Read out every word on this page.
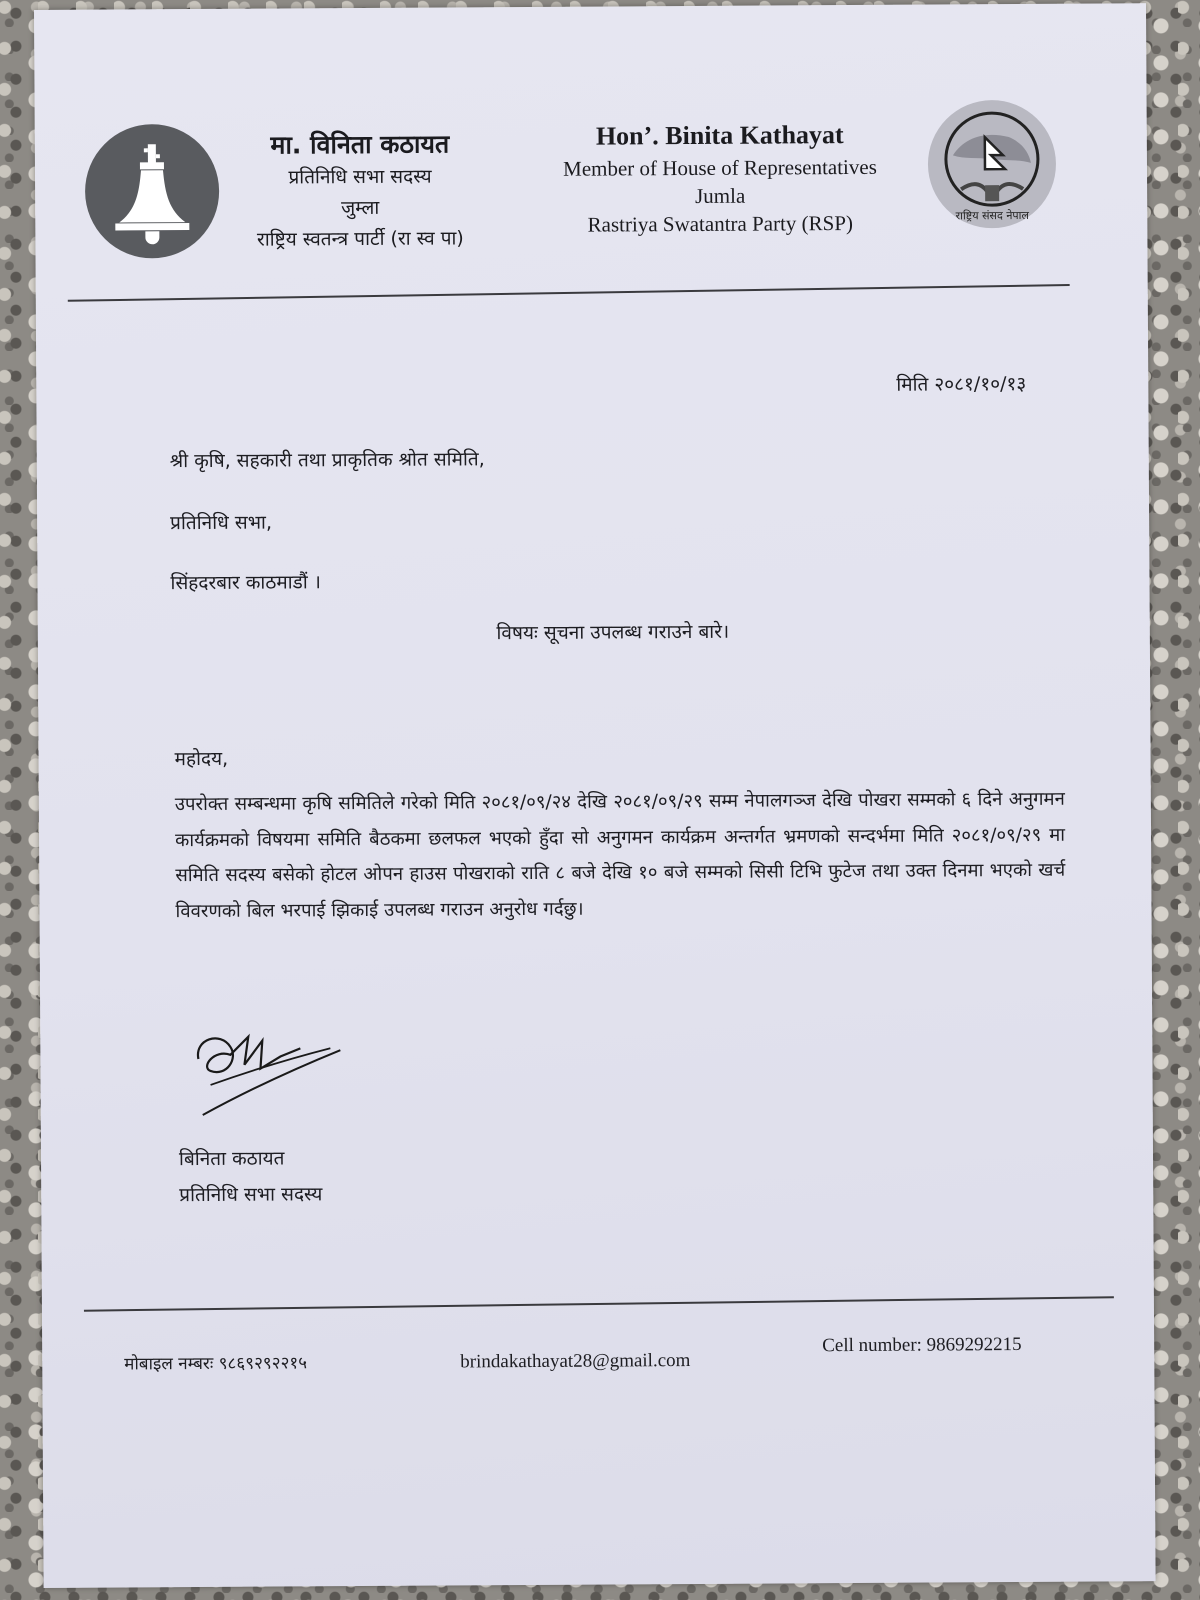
मा. विनिता कठायत
प्रतिनिधि सभा सदस्य
जुम्ला
राष्ट्रिय स्वतन्त्र पार्टी (रा स्व पा)
Hon’. Binita Kathayat
Member of House of Representatives
Jumla
Rastriya Swatantra Party (RSP)	राष्ट्रिय संसद नेपाल
मिति २०८१/१०/१३
श्री कृषि, सहकारी तथा प्राकृतिक श्रोत समिति,
प्रतिनिधि सभा,
सिंहदरबार काठमाडौं ।
विषयः सूचना उपलब्ध गराउने बारे।
महोदय,
उपरोक्त सम्बन्धमा कृषि समितिले गरेको मिति २०८१/०९/२४ देखि २०८१/०९/२९ सम्म नेपालगञ्ज देखि पोखरा सम्मको ६ दिने अनुगमन कार्यक्रमको विषयमा समिति बैठकमा छलफल भएको हुँदा सो अनुगमन कार्यक्रम अन्तर्गत भ्रमणको सन्दर्भमा मिति २०८१/०९/२९ मा समिति सदस्य बसेको होटल ओपन हाउस पोखराको राति ८ बजे देखि १० बजे सम्मको सिसी टिभि फुटेज तथा उक्त दिनमा भएको खर्च विवरणको बिल भरपाई झिकाई उपलब्ध गराउन अनुरोध गर्दछु।
बिनिता कठायत
प्रतिनिधि सभा सदस्य
मोबाइल नम्बरः ९८६९२९२२१५	brindakathayat28@gmail.com
Cell number: 9869292215
